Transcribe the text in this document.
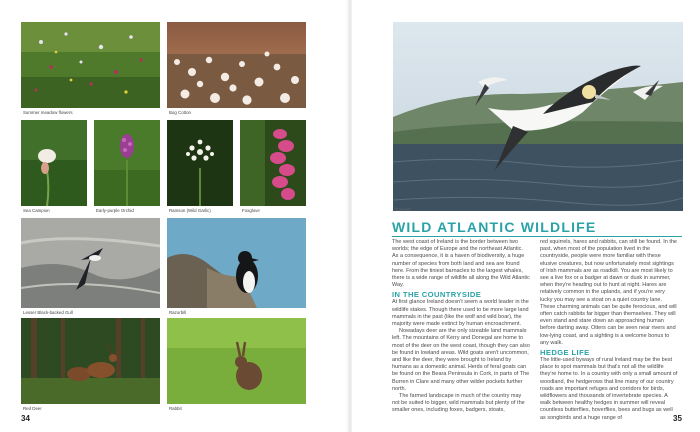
Summer meadow flowers	Bog Cotton
Sea Campion	Early-purple Orchid	Ramson (Wild Garlic)	Foxglove
Lesser Black-backed Gull	Razorbill
Red Deer	Rabbit
34
Gannets
35
WILD ATLANTIC WILDLIFE

The west coast of Ireland is the border between two worlds; the edge of Europe and the northeast Atlantic. As a consequence, it is a haven of biodiversity, a huge number of species from both land and sea are found here. From the tiniest barnacles to the largest whales, there is a wide range of wildlife all along the Wild Atlantic Way.

IN THE COUNTRYSIDE

At first glance Ireland doesn't seem a world leader in the wildlife stakes. Though there used to be more large land mammals in the past (like the wolf and wild boar), the majority were made extinct by human encroachment.

Nowadays deer are the only sizeable land mammals left. The mountains of Kerry and Donegal are home to most of the deer on the west coast, though they can also be found in lowland areas. Wild goats aren't uncommon, and like the deer, they were brought to Ireland by humans as a domestic animal. Herds of feral goats can be found on the Beara Peninsula in Cork, in parts of The Burren in Clare and many other wilder pockets further north.

The farmed landscape in much of the country may not be suited to bigger, wild mammals but plenty of the smaller ones, including foxes, badgers, stoats,

red squirrels, hares and rabbits, can still be found. In the past, when most of the population lived in the countryside, people were more familiar with these elusive creatures, but now unfortunately most sightings of Irish mammals are as roadkill. You are most likely to see a live fox or a badger at dawn or dusk in summer, when they're heading out to hunt at night. Hares are relatively common in the uplands, and if you're very lucky you may see a stoat on a quiet country lane. These charming animals can be quite ferocious, and will often catch rabbits far bigger than themselves. They will even stand and stare down an approaching human before darting away. Otters can be seen near rivers and low-lying coast, and a sighting is a welcome bonus to any walk.

HEDGE LIFE

The little-used byways of rural Ireland may be the best place to spot mammals but that's not all the wildlife they're home to. In a country with only a small amount of woodland, the hedgerows that line many of our country roads are important refuges and corridors for birds, wildflowers and thousands of invertebrate species. A walk between healthy hedges in summer will reveal countless butterflies, hoverflies, bees and bugs as well as songbirds and a huge range of
